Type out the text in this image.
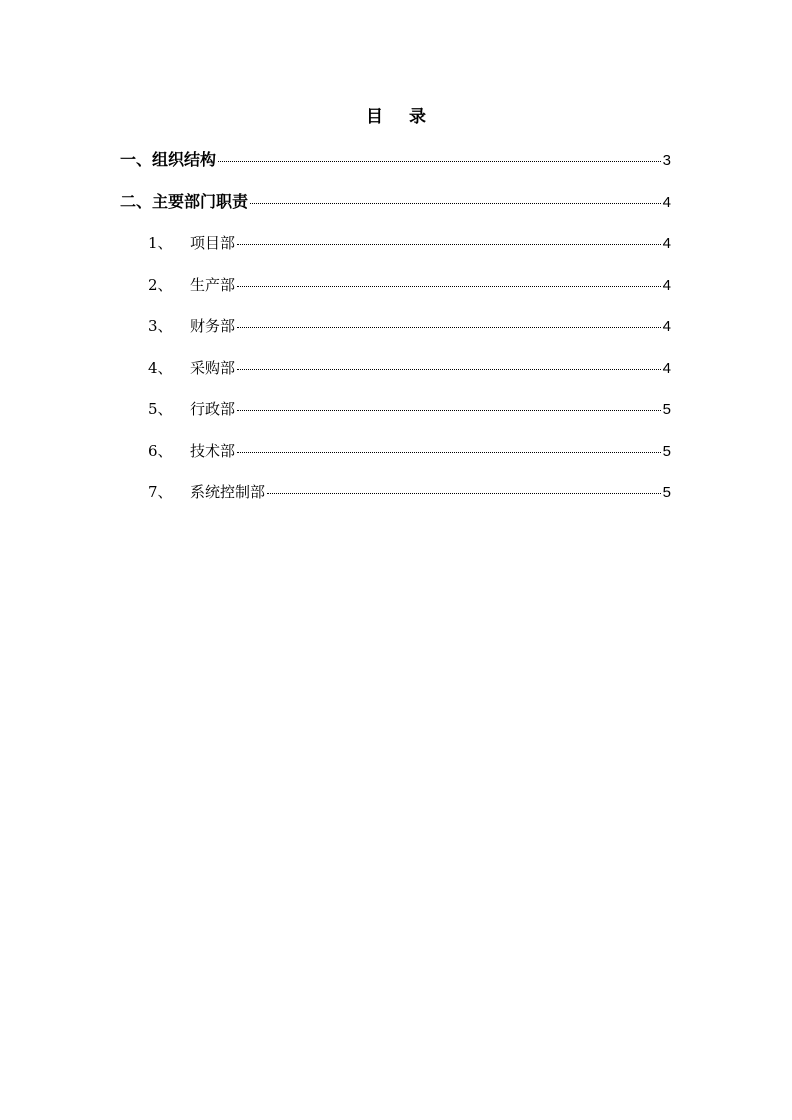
目 录
一、 组织结构	3
二、 主要部门职责	4
1、	项目部	4
2、	生产部	4
3、	财务部	4
4、	采购部	4
5、	行政部	5
6、	技术部	5
7、	系统控制部	5
